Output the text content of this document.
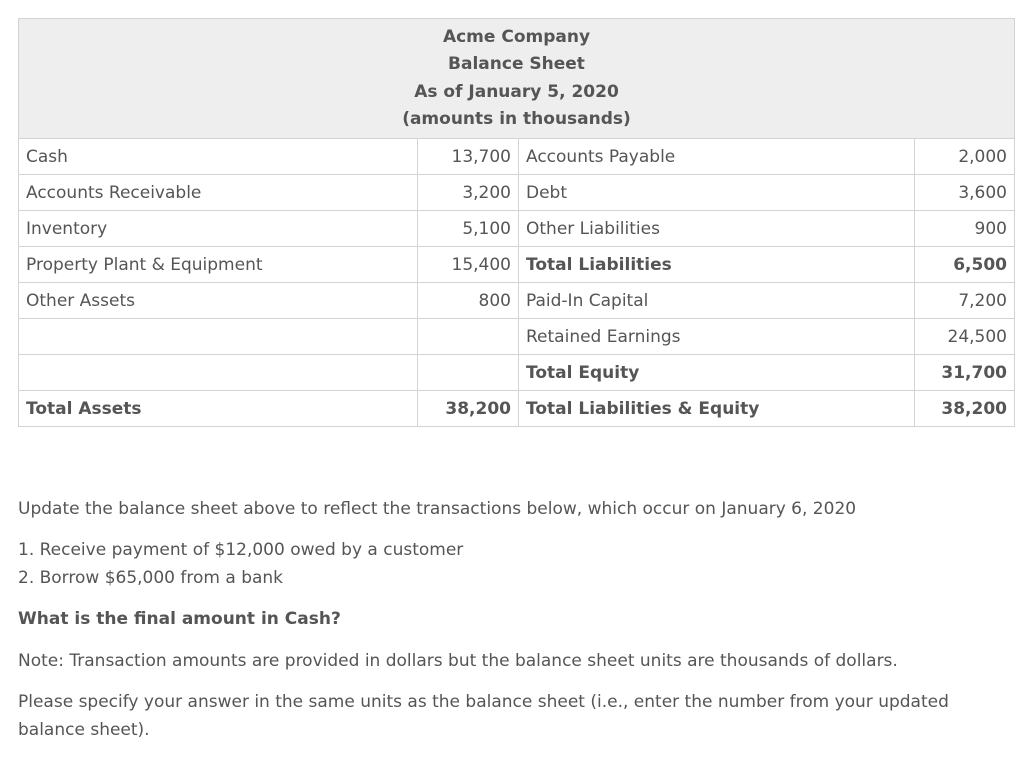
Acme Company
Balance Sheet
As of January 5, 2020
(amounts in thousands)			

Cash	13,700	Accounts Payable	2,000
Accounts Receivable	3,200	Debt	3,600
Inventory	5,100	Other Liabilities	900
Property Plant & Equipment	15,400	Total Liabilities	6,500
Other Assets	800	Paid-In Capital	7,200
		Retained Earnings	24,500
		Total Equity	31,700
Total Assets	38,200	Total Liabilities & Equity	38,200
Update the balance sheet above to reflect the transactions below, which occur on January 6, 2020
1. Receive payment of $12,000 owed by a customer
2. Borrow $65,000 from a bank
What is the final amount in Cash?
Note: Transaction amounts are provided in dollars but the balance sheet units are thousands of dollars.
Please specify your answer in the same units as the balance sheet (i.e., enter the number from your updated balance sheet).
